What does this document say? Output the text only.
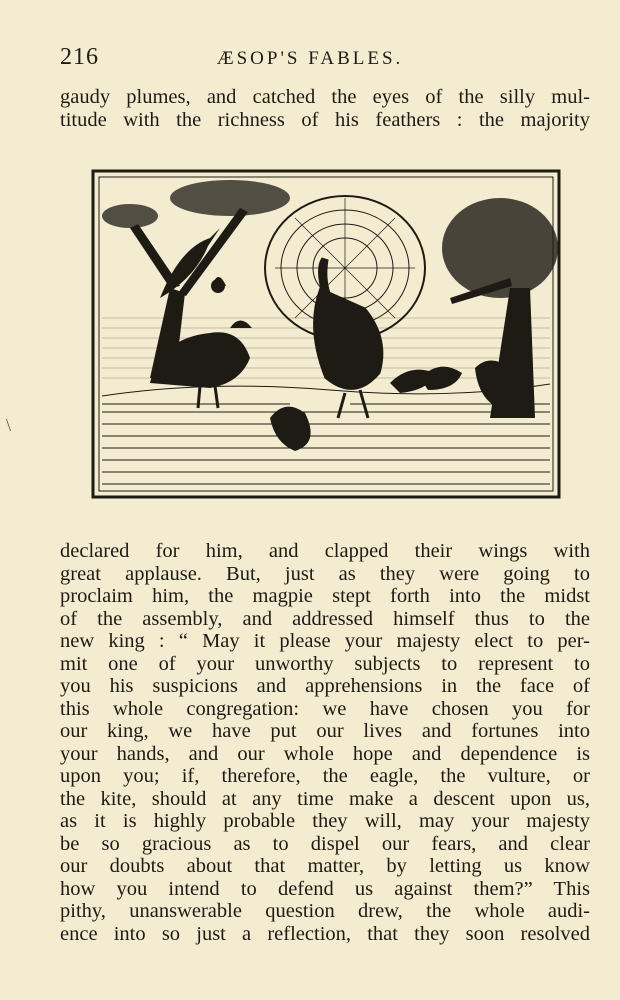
216	ÆSOP'S FABLES.
gaudy plumes, and catched the eyes of the silly mul-
titude with the richness of his feathers : the majority
declared for him, and clapped their wings with
great applause. But, just as they were going to
proclaim him, the magpie stept forth into the midst
of the assembly, and addressed himself thus to the
new king : “ May it please your majesty elect to per-
mit one of your unworthy subjects to represent to
you his suspicions and apprehensions in the face of
this whole congregation: we have chosen you for
our king, we have put our lives and fortunes into
your hands, and our whole hope and dependence is
upon you; if, therefore, the eagle, the vulture, or
the kite, should at any time make a descent upon us,
as it is highly probable they will, may your majesty
be so gracious as to dispel our fears, and clear
our doubts about that matter, by letting us know
how you intend to defend us against them?” This
pithy, unanswerable question drew, the whole audi-
ence into so just a reflection, that they soon resolved
\
